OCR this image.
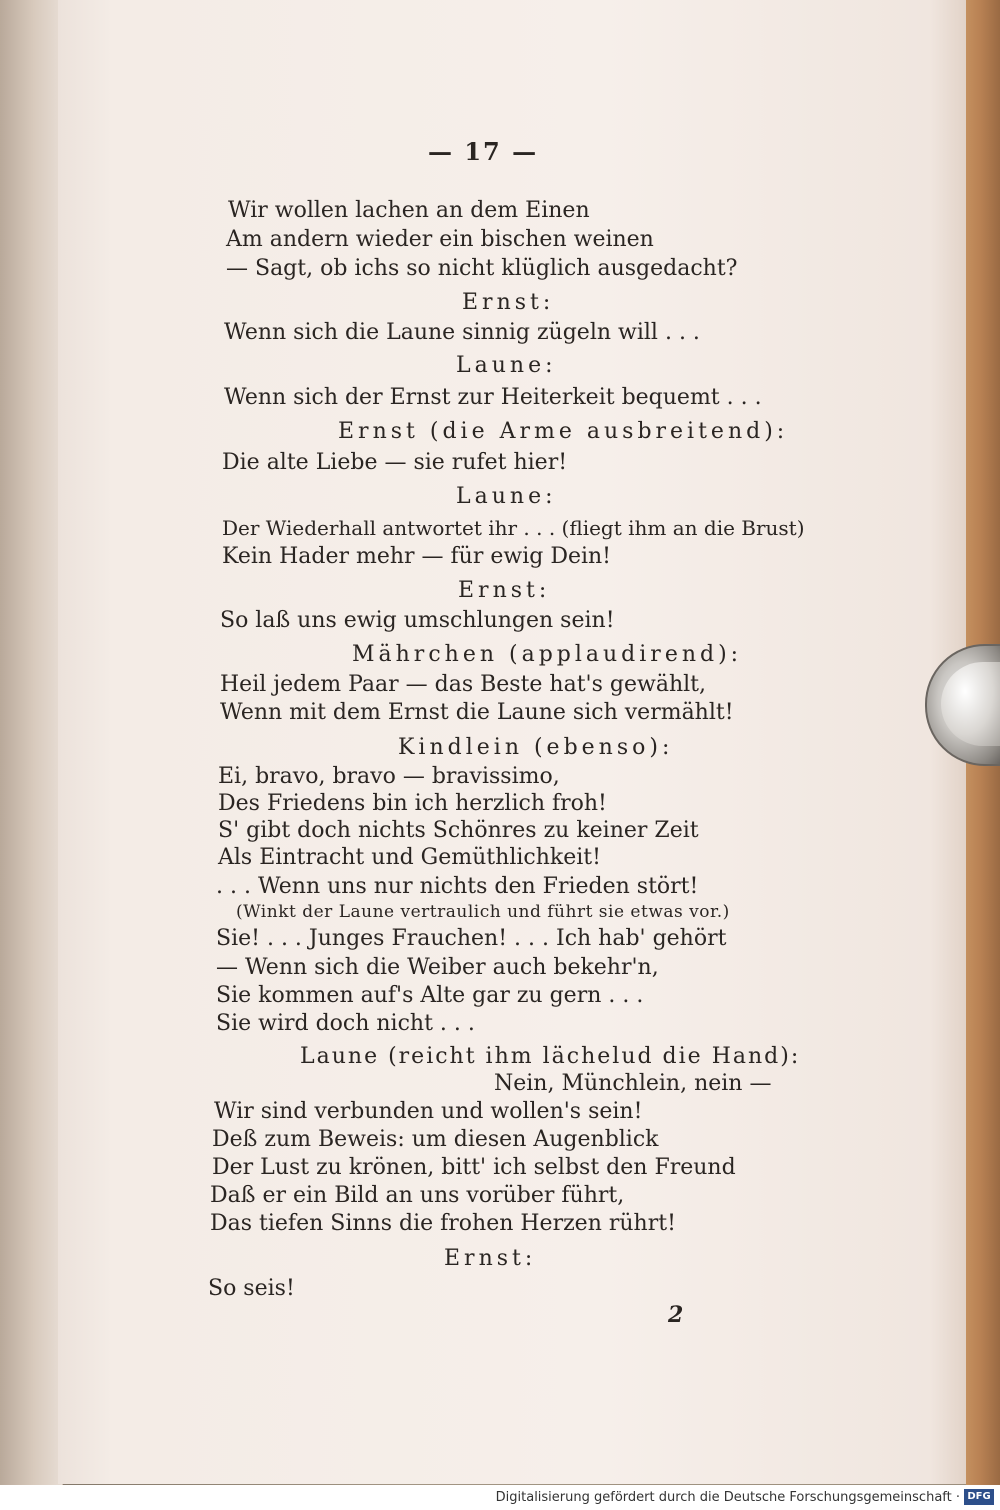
— 17 —
Wir wollen lachen an dem Einen
Am andern wieder ein bischen weinen
— Sagt, ob ichs so nicht klüglich ausgedacht?
Ernst:
Wenn sich die Laune sinnig zügeln will . . .
Laune:
Wenn sich der Ernst zur Heiterkeit bequemt . . .
Ernst (die Arme ausbreitend):
Die alte Liebe — sie rufet hier!
Laune:
Der Wiederhall antwortet ihr . . . (fliegt ihm an die Brust)
Kein Hader mehr — für ewig Dein!
Ernst:
So laß uns ewig umschlungen sein!
Mährchen (applaudirend):
Heil jedem Paar — das Beste hat's gewählt,
Wenn mit dem Ernst die Laune sich vermählt!
Kindlein (ebenso):
Ei, bravo, bravo — bravissimo,
Des Friedens bin ich herzlich froh!
S' gibt doch nichts Schönres zu keiner Zeit
Als Eintracht und Gemüthlichkeit!
. . . Wenn uns nur nichts den Frieden stört!
(Winkt der Laune vertraulich und führt sie etwas vor.)
Sie! . . . Junges Frauchen! . . . Ich hab' gehört
— Wenn sich die Weiber auch bekehr'n,
Sie kommen auf's Alte gar zu gern . . .
Sie wird doch nicht . . .
Laune (reicht ihm lächelud die Hand):
Nein, Münchlein, nein —
Wir sind verbunden und wollen's sein!
Deß zum Beweis: um diesen Augenblick
Der Lust zu krönen, bitt' ich selbst den Freund
Daß er ein Bild an uns vorüber führt,
Das tiefen Sinns die frohen Herzen rührt!
Ernst:
So seis!
2
Digitalisierung gefördert durch die Deutsche Forschungsgemeinschaft · DFG
